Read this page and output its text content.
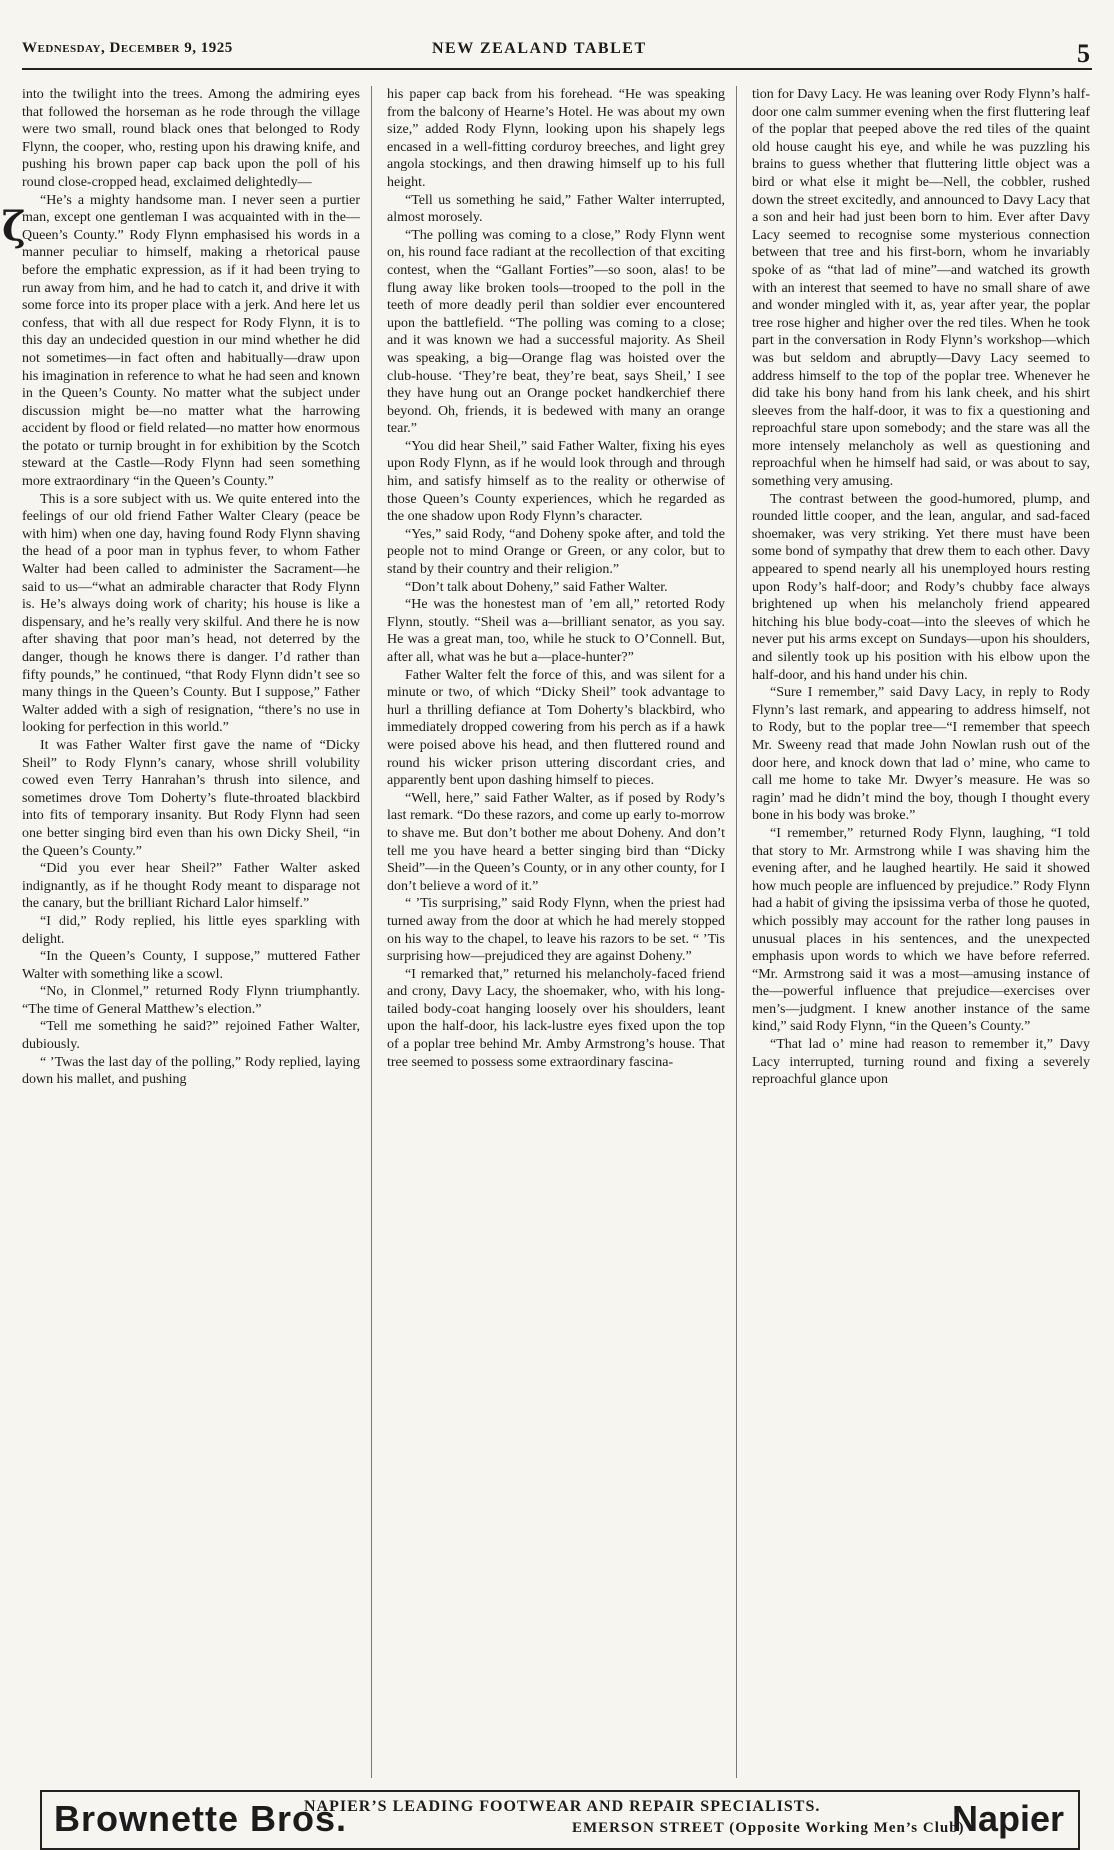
Wednesday, December 9, 1925	NEW ZEALAND TABLET	5
ζ

into the twilight into the trees. Among the admiring eyes that followed the horseman as he rode through the village were two small, round black ones that belonged to Rody Flynn, the cooper, who, resting upon his drawing knife, and pushing his brown paper cap back upon the poll of his round close-cropped head, exclaimed delightedly—

“He’s a mighty handsome man. I never seen a purtier man, except one gentleman I was acquainted with in the—Queen’s County.” Rody Flynn emphasised his words in a manner peculiar to himself, making a rhetorical pause before the emphatic expression, as if it had been trying to run away from him, and he had to catch it, and drive it with some force into its proper place with a jerk. And here let us confess, that with all due respect for Rody Flynn, it is to this day an undecided question in our mind whether he did not sometimes—in fact often and habitually—draw upon his imagination in reference to what he had seen and known in the Queen’s County. No matter what the subject under discussion might be—no matter what the harrowing accident by flood or field related—no matter how enormous the potato or turnip brought in for exhibition by the Scotch steward at the Castle—Rody Flynn had seen something more extraordinary “in the Queen’s County.”

This is a sore subject with us. We quite entered into the feelings of our old friend Father Walter Cleary (peace be with him) when one day, having found Rody Flynn shaving the head of a poor man in typhus fever, to whom Father Walter had been called to administer the Sacrament—he said to us—“what an admirable character that Rody Flynn is. He’s always doing work of charity; his house is like a dispensary, and he’s really very skilful. And there he is now after shaving that poor man’s head, not deterred by the danger, though he knows there is danger. I’d rather than fifty pounds,” he continued, “that Rody Flynn didn’t see so many things in the Queen’s County. But I suppose,” Father Walter added with a sigh of resignation, “there’s no use in looking for perfection in this world.”

It was Father Walter first gave the name of “Dicky Sheil” to Rody Flynn’s canary, whose shrill volubility cowed even Terry Hanrahan’s thrush into silence, and sometimes drove Tom Doherty’s flute-throated blackbird into fits of temporary insanity. But Rody Flynn had seen one better singing bird even than his own Dicky Sheil, “in the Queen’s County.”

“Did you ever hear Sheil?” Father Walter asked indignantly, as if he thought Rody meant to disparage not the canary, but the brilliant Richard Lalor himself.”

“I did,” Rody replied, his little eyes sparkling with delight.

“In the Queen’s County, I suppose,” muttered Father Walter with something like a scowl.

“No, in Clonmel,” returned Rody Flynn triumphantly. “The time of General Matthew’s election.”

“Tell me something he said?” rejoined Father Walter, dubiously.

“ ’Twas the last day of the polling,” Rody replied, laying down his mallet, and pushing

his paper cap back from his forehead. “He was speaking from the balcony of Hearne’s Hotel. He was about my own size,” added Rody Flynn, looking upon his shapely legs encased in a well-fitting corduroy breeches, and light grey angola stockings, and then drawing himself up to his full height.

“Tell us something he said,” Father Walter interrupted, almost morosely.

“The polling was coming to a close,” Rody Flynn went on, his round face radiant at the recollection of that exciting contest, when the “Gallant Forties”—so soon, alas! to be flung away like broken tools—trooped to the poll in the teeth of more deadly peril than soldier ever encountered upon the battlefield. “The polling was coming to a close; and it was known we had a successful majority. As Sheil was speaking, a big—Orange flag was hoisted over the club-house. ‘They’re beat, they’re beat, says Sheil,’ I see they have hung out an Orange pocket handkerchief there beyond. Oh, friends, it is bedewed with many an orange tear.”

“You did hear Sheil,” said Father Walter, fixing his eyes upon Rody Flynn, as if he would look through and through him, and satisfy himself as to the reality or otherwise of those Queen’s County experiences, which he regarded as the one shadow upon Rody Flynn’s character.

“Yes,” said Rody, “and Doheny spoke after, and told the people not to mind Orange or Green, or any color, but to stand by their country and their religion.”

“Don’t talk about Doheny,” said Father Walter.

“He was the honestest man of ’em all,” retorted Rody Flynn, stoutly. “Sheil was a—brilliant senator, as you say. He was a great man, too, while he stuck to O’Connell. But, after all, what was he but a—place-hunter?”

Father Walter felt the force of this, and was silent for a minute or two, of which “Dicky Sheil” took advantage to hurl a thrilling defiance at Tom Doherty’s blackbird, who immediately dropped cowering from his perch as if a hawk were poised above his head, and then fluttered round and round his wicker prison uttering discordant cries, and apparently bent upon dashing himself to pieces.

“Well, here,” said Father Walter, as if posed by Rody’s last remark. “Do these razors, and come up early to-morrow to shave me. But don’t bother me about Doheny. And don’t tell me you have heard a better singing bird than “Dicky Sheid”—in the Queen’s County, or in any other county, for I don’t believe a word of it.”

“ ’Tis surprising,” said Rody Flynn, when the priest had turned away from the door at which he had merely stopped on his way to the chapel, to leave his razors to be set. “ ’Tis surprising how—prejudiced they are against Doheny.”

“I remarked that,” returned his melancholy-faced friend and crony, Davy Lacy, the shoemaker, who, with his long-tailed body-coat hanging loosely over his shoulders, leant upon the half-door, his lack-lustre eyes fixed upon the top of a poplar tree behind Mr. Amby Armstrong’s house. That tree seemed to possess some extraordinary fascina-

tion for Davy Lacy. He was leaning over Rody Flynn’s half-door one calm summer evening when the first fluttering leaf of the poplar that peeped above the red tiles of the quaint old house caught his eye, and while he was puzzling his brains to guess whether that fluttering little object was a bird or what else it might be—Nell, the cobbler, rushed down the street excitedly, and announced to Davy Lacy that a son and heir had just been born to him. Ever after Davy Lacy seemed to recognise some mysterious connection between that tree and his first-born, whom he invariably spoke of as “that lad of mine”—and watched its growth with an interest that seemed to have no small share of awe and wonder mingled with it, as, year after year, the poplar tree rose higher and higher over the red tiles. When he took part in the conversation in Rody Flynn’s workshop—which was but seldom and abruptly—Davy Lacy seemed to address himself to the top of the poplar tree. Whenever he did take his bony hand from his lank cheek, and his shirt sleeves from the half-door, it was to fix a questioning and reproachful stare upon somebody; and the stare was all the more intensely melancholy as well as questioning and reproachful when he himself had said, or was about to say, something very amusing.

The contrast between the good-humored, plump, and rounded little cooper, and the lean, angular, and sad-faced shoemaker, was very striking. Yet there must have been some bond of sympathy that drew them to each other. Davy appeared to spend nearly all his unemployed hours resting upon Rody’s half-door; and Rody’s chubby face always brightened up when his melancholy friend appeared hitching his blue body-coat—into the sleeves of which he never put his arms except on Sundays—upon his shoulders, and silently took up his position with his elbow upon the half-door, and his hand under his chin.

“Sure I remember,” said Davy Lacy, in reply to Rody Flynn’s last remark, and appearing to address himself, not to Rody, but to the poplar tree—“I remember that speech Mr. Sweeny read that made John Nowlan rush out of the door here, and knock down that lad o’ mine, who came to call me home to take Mr. Dwyer’s measure. He was so ragin’ mad he didn’t mind the boy, though I thought every bone in his body was broke.”

“I remember,” returned Rody Flynn, laughing, “I told that story to Mr. Armstrong while I was shaving him the evening after, and he laughed heartily. He said it showed how much people are influenced by prejudice.” Rody Flynn had a habit of giving the ipsissima verba of those he quoted, which possibly may account for the rather long pauses in unusual places in his sentences, and the unexpected emphasis upon words to which we have before referred. “Mr. Armstrong said it was a most—amusing instance of the—powerful influence that prejudice—exercises over men’s—judgment. I knew another instance of the same kind,” said Rody Flynn, “in the Queen’s County.”

“That lad o’ mine had reason to remember it,” Davy Lacy interrupted, turning round and fixing a severely reproachful glance upon

Brownette Bros.
NAPIER’S LEADING FOOTWEAR AND REPAIR SPECIALISTS.
EMERSON STREET (Opposite Working Men’s Club)
Napier
